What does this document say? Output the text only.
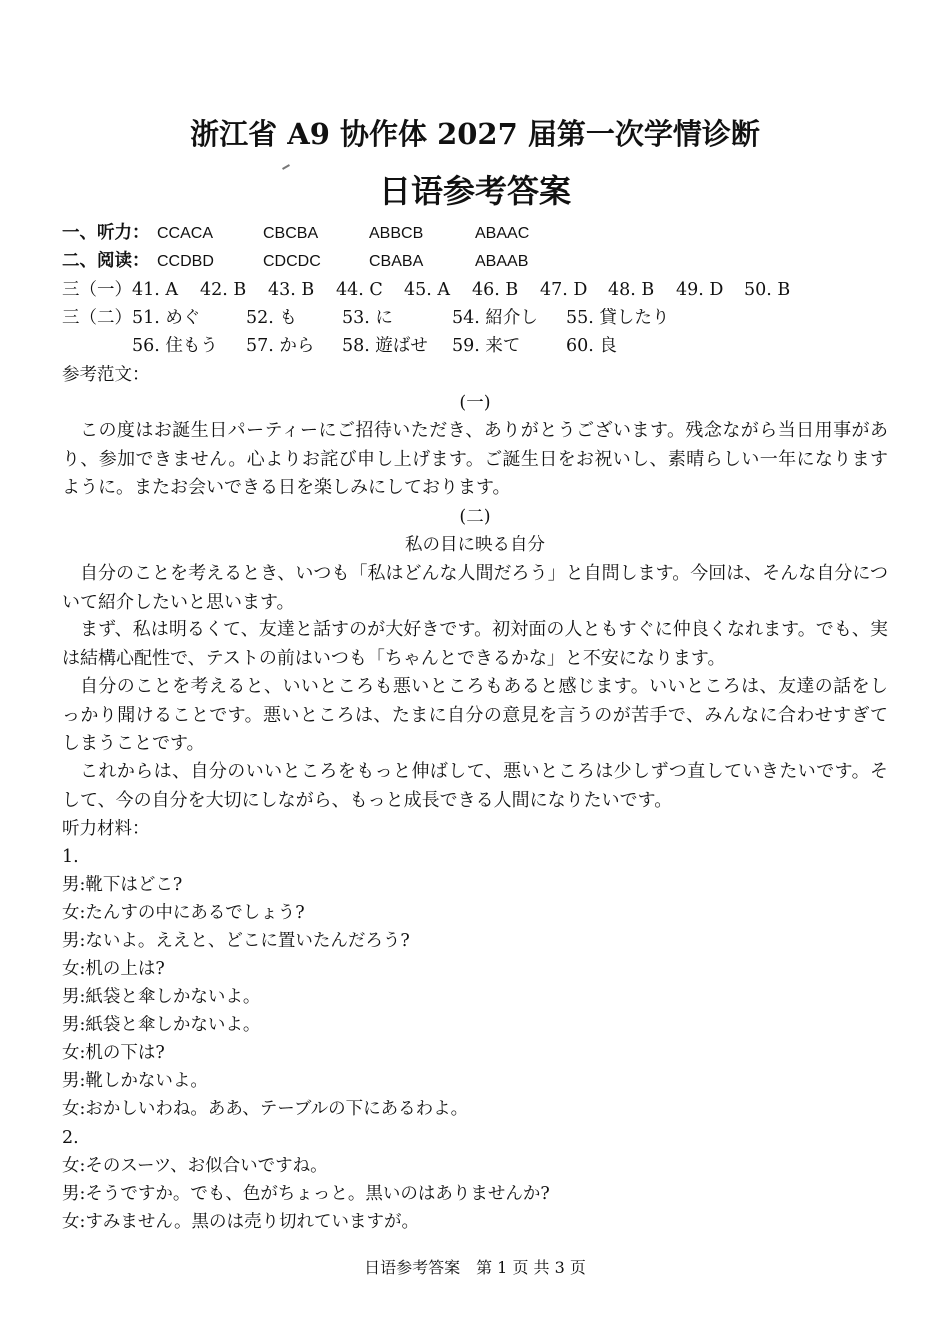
浙江省 A9 协作体 2027 届第一次学情诊断
日语参考答案
一、听力： CCACA	CBCBA	ABBCB	ABAAC
二、阅读： CCDBD	CDCDC	CBABA	ABAAB
三（一）41. A 42. B 43. B 44. C 45. A 46. B 47. D 48. B 49. D 50. B
三（二）51. めぐ	52. も	53. に	54. 紹介し 55. 貸したり
56. 住もう 57. から 58. 遊ばせ 59. 来て	60. 良
参考范文：
(一)
この度はお誕生日パーティーにご招待いただき、ありがとうございます。残念ながら当日用事があり、参加できません。心よりお詫び申し上げます。ご誕生日をお祝いし、素晴らしい一年になりますように。またお会いできる日を楽しみにしております。
(二)
私の目に映る自分
自分のことを考えるとき、いつも「私はどんな人間だろう」と自問します。今回は、そんな自分について紹介したいと思います。
まず、私は明るくて、友達と話すのが大好きです。初対面の人ともすぐに仲良くなれます。でも、実は結構心配性で、テストの前はいつも「ちゃんとできるかな」と不安になります。
自分のことを考えると、いいところも悪いところもあると感じます。いいところは、友達の話をしっかり聞けることです。悪いところは、たまに自分の意見を言うのが苦手で、みんなに合わせすぎてしまうことです。
これからは、自分のいいところをもっと伸ばして、悪いところは少しずつ直していきたいです。そして、今の自分を大切にしながら、もっと成長できる人間になりたいです。
听力材料：
1.
男:靴下はどこ?
女:たんすの中にあるでしょう?
男:ないよ。ええと、どこに置いたんだろう?
女:机の上は?
男:紙袋と傘しかないよ。
男:紙袋と傘しかないよ。
女:机の下は?
男:靴しかないよ。
女:おかしいわね。ああ、テーブルの下にあるわよ。
2.
女:そのスーツ、お似合いですね。
男:そうですか。でも、色がちょっと。黒いのはありませんか?
女:すみません。黒のは売り切れていますが。
日语参考答案　第 1 页 共 3 页
